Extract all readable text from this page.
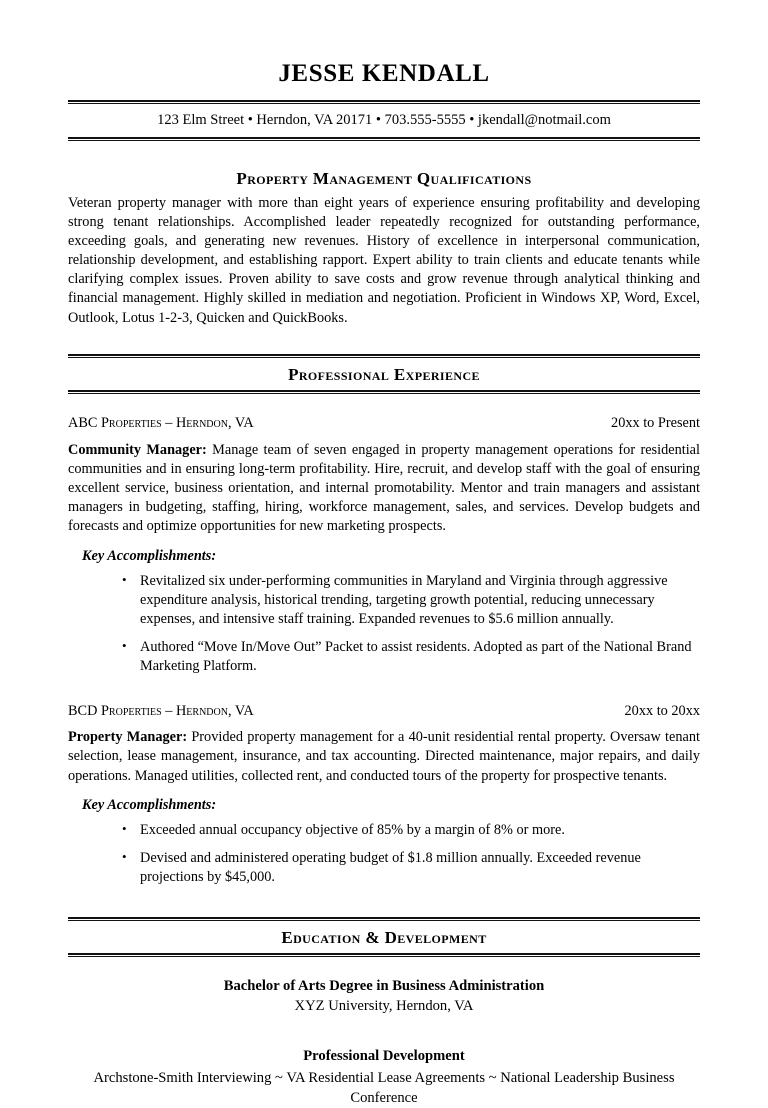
JESSE KENDALL
123 Elm Street • Herndon, VA 20171 • 703.555-5555 • jkendall@notmail.com
Property Management Qualifications

Veteran property manager with more than eight years of experience ensuring profitability and developing strong tenant relationships. Accomplished leader repeatedly recognized for outstanding performance, exceeding goals, and generating new revenues. History of excellence in interpersonal communication, relationship development, and establishing rapport. Expert ability to train clients and educate tenants while clarifying complex issues. Proven ability to save costs and grow revenue through analytical thinking and financial management. Highly skilled in mediation and negotiation. Proficient in Windows XP, Word, Excel, Outlook, Lotus 1-2-3, Quicken and QuickBooks.

Professional Experience
ABC Properties – Herndon, VA	20xx to Present

Community Manager: Manage team of seven engaged in property management operations for residential communities and in ensuring long-term profitability. Hire, recruit, and develop staff with the goal of ensuring excellent service, business orientation, and internal promotability. Mentor and train managers and assistant managers in budgeting, staffing, hiring, workforce management, sales, and services. Develop budgets and forecasts and optimize opportunities for new marketing prospects.

Key Accomplishments:
• Revitalized six under-performing communities in Maryland and Virginia through aggressive expenditure analysis, historical trending, targeting growth potential, reducing unnecessary expenses, and intensive staff training. Expanded revenues to $5.6 million annually.
• Authored “Move In/Move Out” Packet to assist residents. Adopted as part of the National Brand Marketing Platform.
BCD Properties – Herndon, VA	20xx to 20xx

Property Manager: Provided property management for a 40-unit residential rental property. Oversaw tenant selection, lease management, insurance, and tax accounting. Directed maintenance, major repairs, and daily operations. Managed utilities, collected rent, and conducted tours of the property for prospective tenants.

Key Accomplishments:
• Exceeded annual occupancy objective of 85% by a margin of 8% or more.
• Devised and administered operating budget of $1.8 million annually. Exceeded revenue projections by $45,000.
Education & Development
Bachelor of Arts Degree in Business Administration
XYZ University, Herndon, VA
Professional Development
Archstone-Smith Interviewing ~ VA Residential Lease Agreements ~ National Leadership Business Conference
